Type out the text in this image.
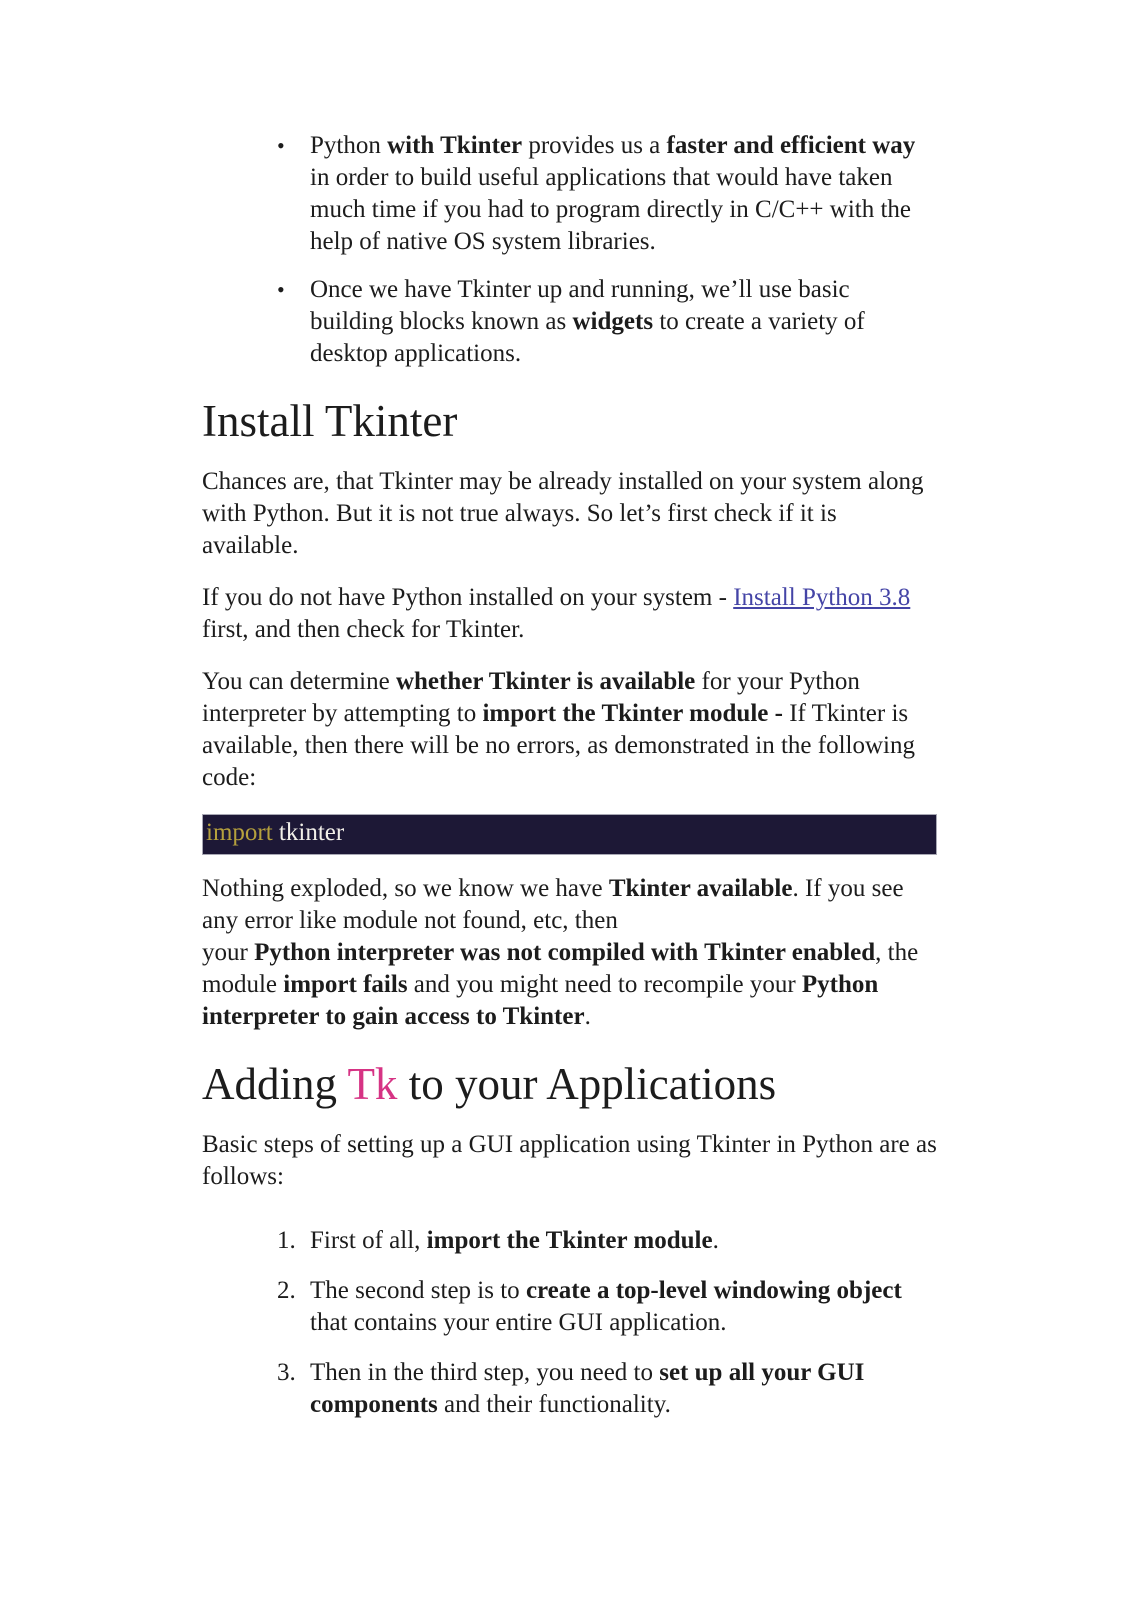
•	Python with Tkinter provides us a faster and efficient way in order to build useful applications that would have taken much time if you had to program directly in C/C++ with the help of native OS system libraries.
•	Once we have Tkinter up and running, we’ll use basic building blocks known as widgets to create a variety of desktop applications.
Install Tkinter

Chances are, that Tkinter may be already installed on your system along with Python. But it is not true always. So let’s first check if it is available.

If you do not have Python installed on your system - Install Python 3.8 first, and then check for Tkinter.

You can determine whether Tkinter is available for your Python interpreter by attempting to import the Tkinter module - If Tkinter is available, then there will be no errors, as demonstrated in the following code:

import tkinter

Nothing exploded, so we know we have Tkinter available. If you see any error like module not found, etc, then
your Python interpreter was not compiled with Tkinter enabled, the module import fails and you might need to recompile your Python interpreter to gain access to Tkinter.

Adding Tk to your Applications

Basic steps of setting up a GUI application using Tkinter in Python are as follows:

1. First of all, import the Tkinter module.
2. The second step is to create a top-level windowing object that contains your entire GUI application.
3. Then in the third step, you need to set up all your GUI components and their functionality.
